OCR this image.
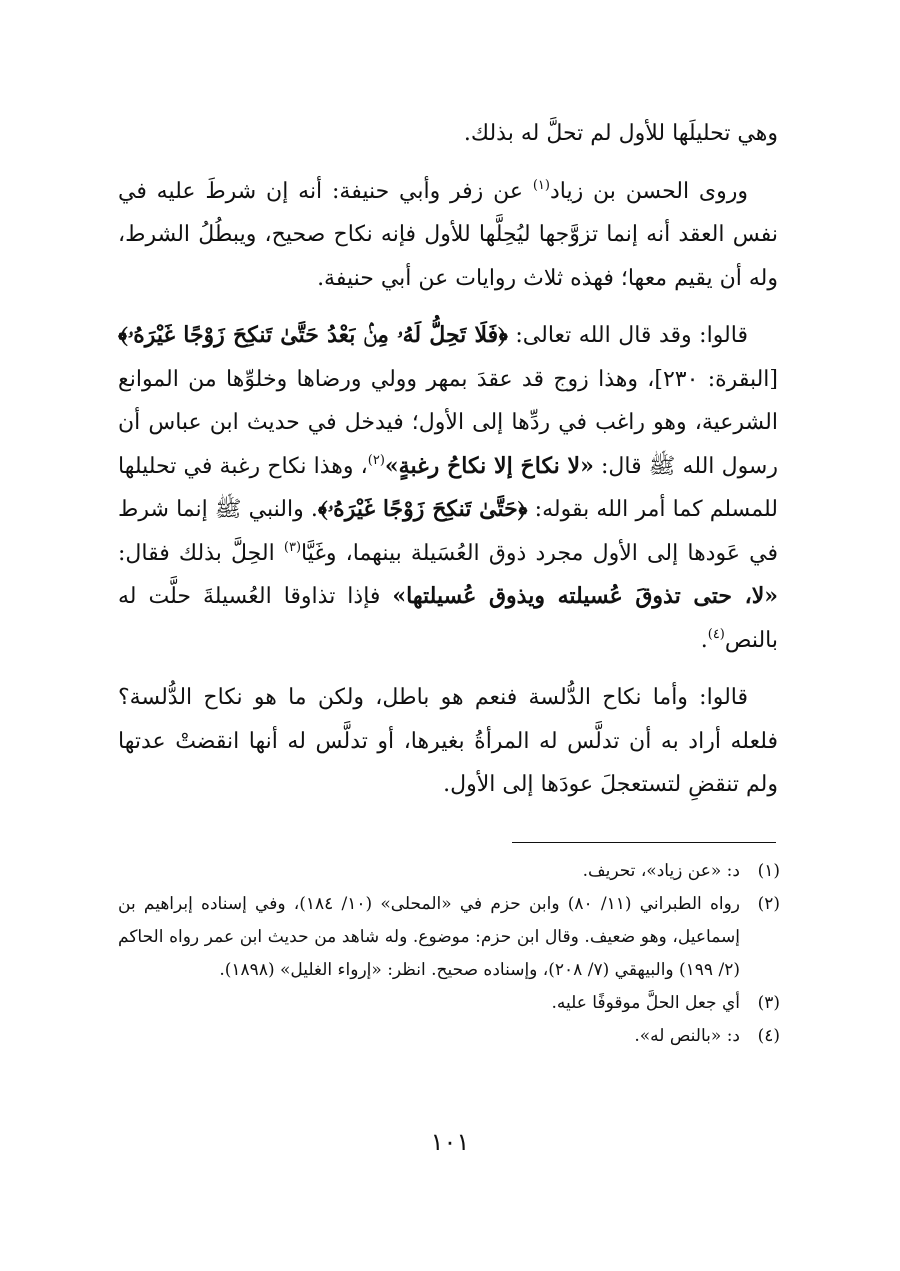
وهي تحليلَها للأول لم تحلَّ له بذلك.

وروى الحسن بن زياد$^{(١)}$ عن زفر وأبي حنيفة: أنه إن شرطَ عليه في نفس العقد أنه إنما تزوَّجها ليُحِلَّها للأول فإنه نكاح صحيح، ويبطُلُ الشرط، وله أن يقيم معها؛ فهذه ثلاث روايات عن أبي حنيفة.

قالوا: وقد قال الله تعالى: ﴿فَلَا تَحِلُّ لَهُۥ مِنۢ بَعْدُ حَتَّىٰ تَنكِحَ زَوْجًا غَيْرَهُۥ﴾ [البقرة: ٢٣٠]، وهذا زوج قد عقدَ بمهر وولي ورضاها وخلوِّها من الموانع الشرعية، وهو راغب في ردِّها إلى الأول؛ فيدخل في حديث ابن عباس أن رسول الله ﷺ قال: «لا نكاحَ إلا نكاحُ رغبةٍ»$^{(٢)}$، وهذا نكاح رغبة في تحليلها للمسلم كما أمر الله بقوله: ﴿حَتَّىٰ تَنكِحَ زَوْجًا غَيْرَهُۥ﴾. والنبي ﷺ إنما شرط في عَودها إلى الأول مجرد ذوق العُسَيلة بينهما، وغَيَّا$^{(٣)}$ الحِلَّ بذلك فقال: «لا، حتى تذوقَ عُسيلته ويذوق عُسيلتها» فإذا تذاوقا العُسيلةَ حلَّت له بالنص$^{(٤)}$.

قالوا: وأما نكاح الدُّلسة فنعم هو باطل، ولكن ما هو نكاح الدُّلسة؟ فلعله أراد به أن تدلَّس له المرأةُ بغيرها، أو تدلَّس له أنها انقضتْ عدتها ولم تنقضِ لتستعجلَ عودَها إلى الأول.

(١)
د: «عن زياد»، تحريف.
(٢)
رواه الطبراني (١١/ ٨٠) وابن حزم في «المحلى» (١٠/ ١٨٤)، وفي إسناده إبراهيم بن إسماعيل، وهو ضعيف. وقال ابن حزم: موضوع. وله شاهد من حديث ابن عمر رواه الحاكم (٢/ ١٩٩) والبيهقي (٧/ ٢٠٨)، وإسناده صحيح. انظر: «إرواء الغليل» (١٨٩٨).
(٣)
أي جعل الحلَّ موقوفًا عليه.
(٤)
د: «بالنص له».
١٠١
